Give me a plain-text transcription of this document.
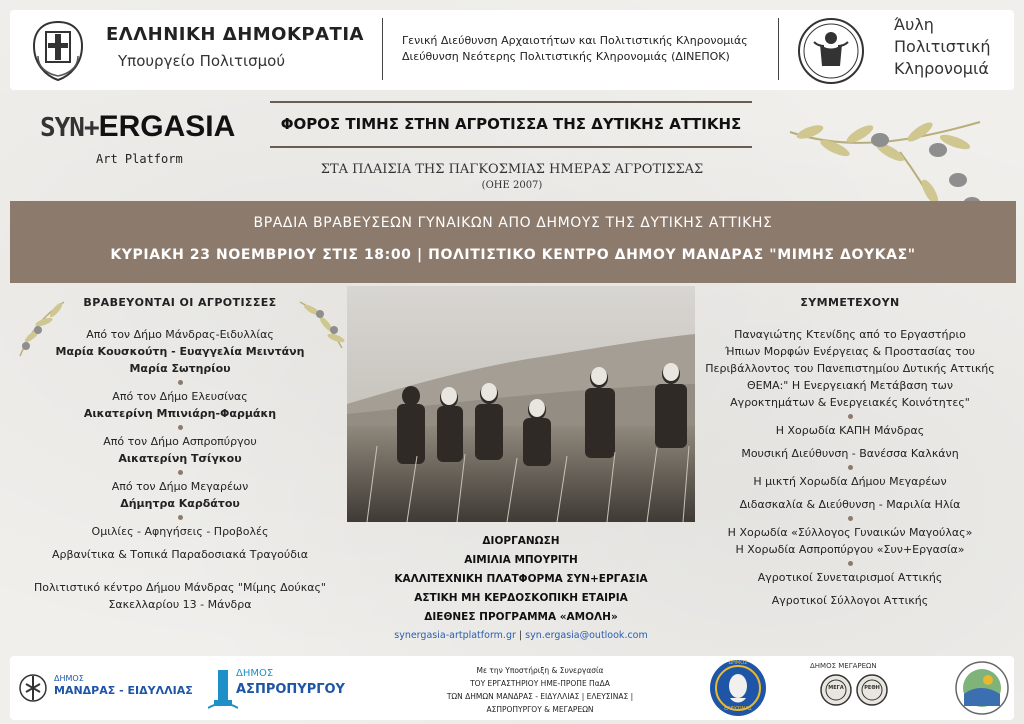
ΕΛΛΗΝΙΚΗ ΔΗΜΟΚΡΑΤΙΑ
Υπουργείο Πολιτισμού
Γενική Διεύθυνση Αρχαιοτήτων και Πολιτιστικής Κληρονομιάς
Διεύθυνση Νεότερης Πολιτιστικής Κληρονομιάς (ΔΙΝΕΠΟΚ)
Άυλη
Πολιτιστική
Κληρονομιά
SYN+ERGASIA
Art Platform
ΦΟΡΟΣ ΤΙΜΗΣ ΣΤΗΝ ΑΓΡΟΤΙΣΣΑ ΤΗΣ ΔΥΤΙΚΗΣ ΑΤΤΙΚΗΣ
ΣΤΑ ΠΛΑΙΣΙΑ ΤΗΣ ΠΑΓΚΟΣΜΙΑΣ ΗΜΕΡΑΣ ΑΓΡΟΤΙΣΣΑΣ
(ΟΗΕ 2007)
ΒΡΑΔΙΑ ΒΡΑΒΕΥΣΕΩΝ ΓΥΝΑΙΚΩΝ ΑΠΟ ΔΗΜΟΥΣ ΤΗΣ ΔΥΤΙΚΗΣ ΑΤΤΙΚΗΣ
ΚΥΡΙΑΚΗ 23 ΝΟΕΜΒΡΙΟΥ ΣΤΙΣ 18:00 | ΠΟΛΙΤΙΣΤΙΚΟ ΚΕΝΤΡΟ ΔΗΜΟΥ ΜΑΝΔΡΑΣ "ΜΙΜΗΣ ΔΟΥΚΑΣ"
ΒΡΑΒΕΥΟΝΤΑΙ ΟΙ ΑΓΡΟΤΙΣΣΕΣ
Από τον Δήμο Μάνδρας-Ειδυλλίας
Μαρία Κουσκούτη - Ευαγγελία Μειντάνη
Μαρία Σωτηρίου
Από τον Δήμο Ελευσίνας
Αικατερίνη Μπινιάρη-Φαρμάκη
Από τον Δήμο Ασπροπύργου
Αικατερίνη Τσίγκου
Από τον Δήμο Μεγαρέων
Δήμητρα Καρδάτου
Ομιλίες - Αφηγήσεις - Προβολές
Αρβανίτικα & Τοπικά Παραδοσιακά Τραγούδια
Πολιτιστικό κέντρο Δήμου Μάνδρας "Μίμης Δούκας"
Σακελλαρίου 13 - Μάνδρα
ΔΙΟΡΓΑΝΩΣΗ
ΑΙΜΙΛΙΑ ΜΠΟΥΡΙΤΗ
ΚΑΛΛΙΤΕΧΝΙΚΗ ΠΛΑΤΦΟΡΜΑ ΣΥΝ+ΕΡΓΑΣΙΑ
ΑΣΤΙΚΗ ΜΗ ΚΕΡΔΟΣΚΟΠΙΚΗ ΕΤΑΙΡΙΑ
ΔΙΕΘΝΕΣ ΠΡΟΓΡΑΜΜΑ «ΑΜΟΛΗ»
synergasia-artplatform.gr | syn.ergasia@outlook.com
ΣΥΜΜΕΤΕΧΟΥΝ
Παναγιώτης Κτενίδης από το Εργαστήριο
Ήπιων Μορφών Ενέργειας & Προστασίας του
Περιβάλλοντος του Πανεπιστημίου Δυτικής Αττικής
ΘΕΜΑ:" Η Ενεργειακή Μετάβαση των
Αγροκτημάτων & Ενεργειακές Κοινότητες"
Η Χορωδία ΚΑΠΗ Μάνδρας
Μουσική Διεύθυνση - Βανέσσα Καλκάνη
Η μικτή Χορωδία Δήμου Μεγαρέων
Διδασκαλία & Διεύθυνση - Μαριλία Ηλία
Η Χορωδία «Σύλλογος Γυναικών Μαγούλας»
Η Χορωδία Ασπροπύργου «Συν+Εργασία»
Αγροτικοί Συνεταιρισμοί Αττικής
Αγροτικοί Σύλλογοι Αττικής
ΔΗΜΟΣ
ΜΑΝΔΡΑΣ - ΕΙΔΥΛΛΙΑΣ
ΔΗΜΟΣ
ΑΣΠΡΟΠΥΡΓΟΥ
Με την Υποστήριξη & Συνεργασία
ΤΟΥ ΕΡΓΑΣΤΗΡΙΟΥ ΗΜΕ-ΠΡΟΠΕ ΠαΔΑ
ΤΩΝ ΔΗΜΩΝ ΜΑΝΔΡΑΣ - ΕΙΔΥΛΛΙΑΣ | ΕΛΕΥΣΙΝΑΣ |ΑΣΠΡΟΠΥΡΓΟΥ & ΜΕΓΑΡΕΩΝ
ΔΗΜΟΣ
ΕΛΕΥΣΙΝΑΣ
ΔΗΜΟΣ ΜΕΓΑΡΕΩΝ
ΜΕΓΑ	ΡΕΘΗ
